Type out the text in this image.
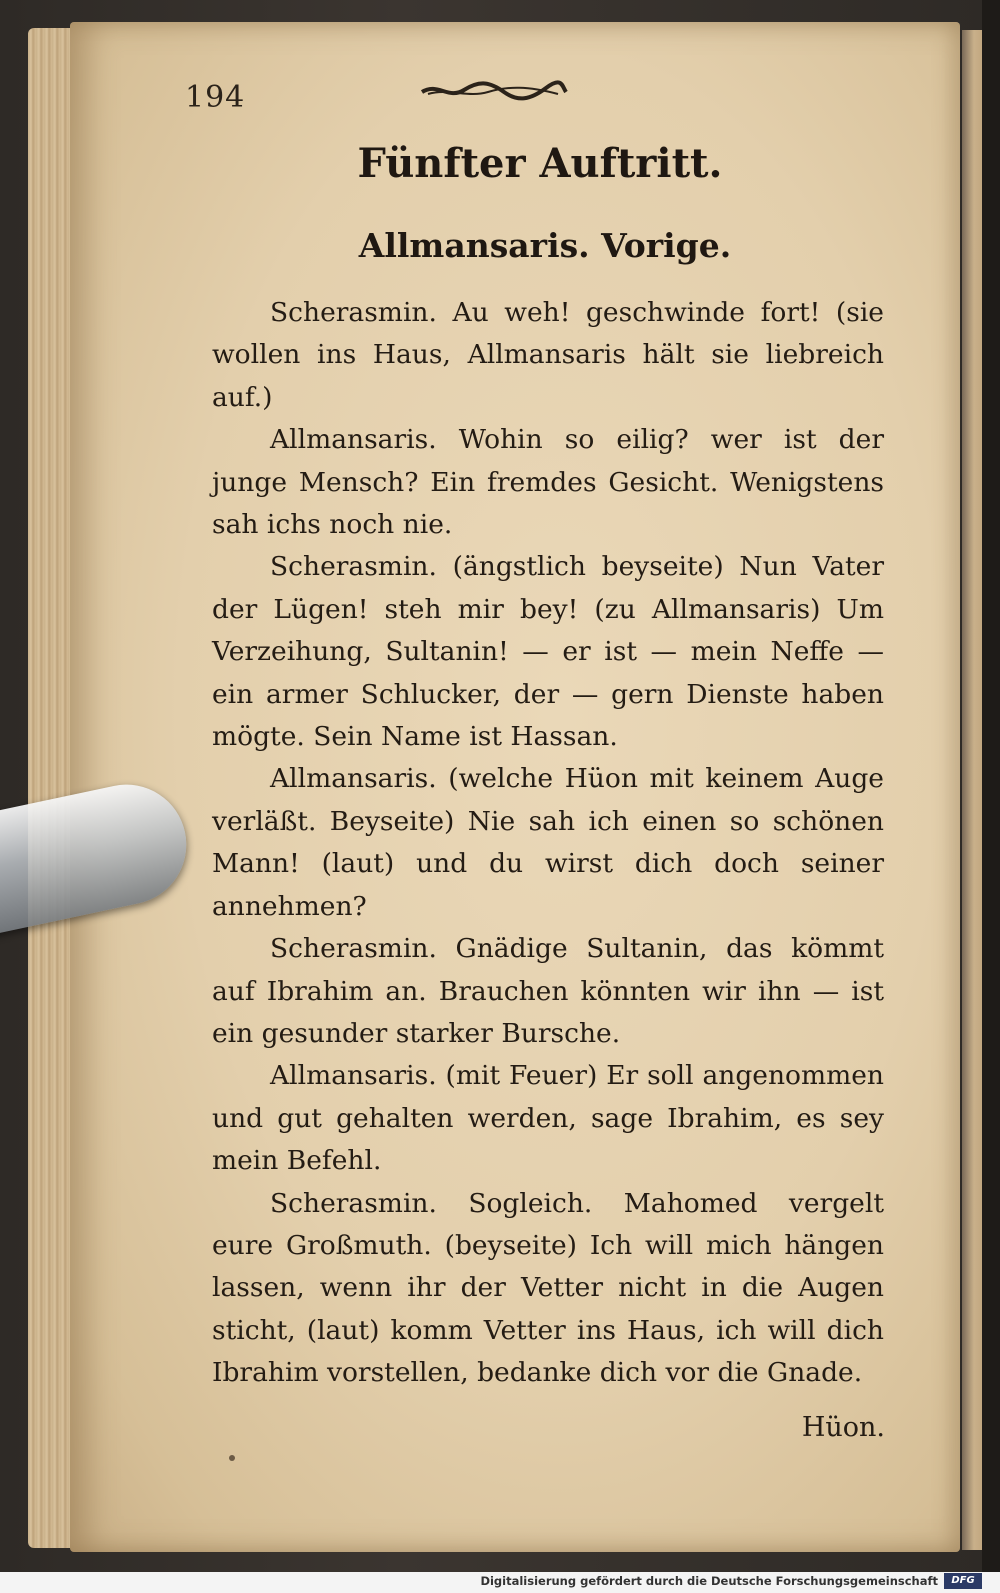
194
Fünfter Auftritt.
Allmansaris. Vorige.

Scherasmin. Au weh! geschwinde fort! (sie wollen ins Haus, Allmansaris hält sie liebreich auf.)

Allmansaris. Wohin so eilig? wer ist der junge Mensch? Ein fremdes Gesicht. Wenigstens sah ichs noch nie.

Scherasmin. (ängstlich beyseite) Nun Vater der Lügen! steh mir bey! (zu Allmansaris) Um Verzeihung, Sultanin! — er ist — mein Neffe — ein armer Schlucker, der — gern Dienste haben mögte. Sein Name ist Hassan.

Allmansaris. (welche Hüon mit keinem Auge verläßt. Beyseite) Nie sah ich einen so schönen Mann! (laut) und du wirst dich doch seiner annehmen?

Scherasmin. Gnädige Sultanin, das kömmt auf Ibrahim an. Brauchen könnten wir ihn — ist ein gesunder starker Bursche.

Allmansaris. (mit Feuer) Er soll angenommen und gut gehalten werden, sage Ibrahim, es sey mein Befehl.

Scherasmin. Sogleich. Mahomed vergelt eure Großmuth. (beyseite) Ich will mich hängen lassen, wenn ihr der Vetter nicht in die Augen sticht, (laut) komm Vetter ins Haus, ich will dich Ibrahim vorstellen, bedanke dich vor die Gnade.

Hüon.
Digitalisierung gefördert durch die Deutsche Forschungsgemeinschaft	DFG
